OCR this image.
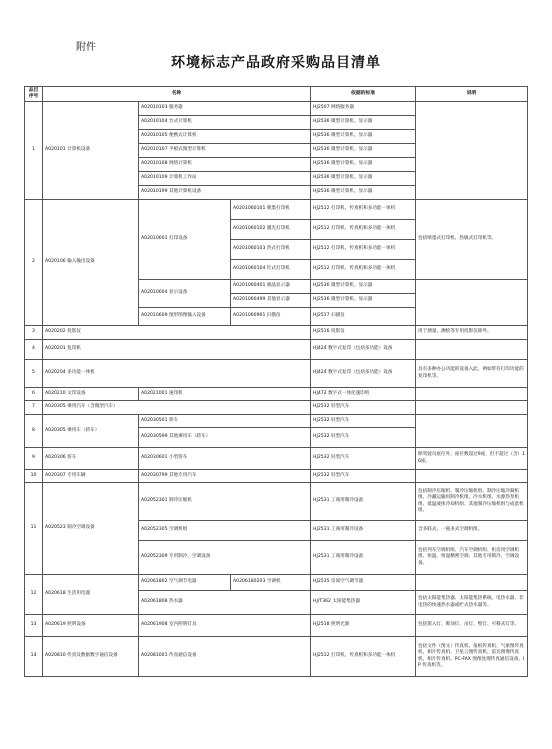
附件
环境标志产品政府采购品目清单
品目序号	名称			依据的标准	说明
1	A020101 计算机设备	A02010103 服务器		HJ2507 网络服务器	
		A02010104 台式计算机		HJ2536 微型计算机、显示器	
		A02010105 便携式计算机		HJ2536 微型计算机、显示器	
		A02010107 平板式微型计算机		HJ2536 微型计算机、显示器	
		A02010108 网络计算机		HJ2536 微型计算机、显示器	
		A02010109 计算机工作站		HJ2536 微型计算机、显示器	
		A02010199 其他计算机设备		HJ2536 微型计算机、显示器	
2	A020106 输入输出设备	A02010601 打印设备	A0201060101 喷墨打印机	HJ2512 打印机、传真机和多功能一体机	包括喷墨式打印机、热敏式打印机等。
			A0201060102 激光打印机	HJ2512 打印机、传真机和多功能一体机	
			A0201060103 热式打印机	HJ2512 打印机、传真机和多功能一体机	
			A0201060104 针式打印机	HJ2512 打印机、传真机和多功能一体机	
		A02010604 显示设备	A0201060401 液晶显示器	HJ2536 微型计算机、显示器	
			A0201060499 其他显示器	HJ2536 微型计算机、显示器	
		A02010609 图形图像输入设备	A0201060901 扫描仪	HJ2517 扫描仪	
3	A020202 投影仪			HJ2516 投影仪	用于测量、测绘等专用投影仪除外。
4	A020201 复印机			HJ424 数字式复印（包括多功能）设备	
5	A020204 多功能一体机			HJ424 数字式复印（包括多功能）设备	具有多种办公功能的设备入此，例如带有打印功能的复印机等。
6	A020210 文印设备	A02021001 速印机		HJ472 数字式一体化速印机	
7	A020305 乘用汽车（含微型汽车）			HJ2532 轻型汽车	
8	A020305 乘用车（轿车）	A02030501 轿车		HJ2532 轻型汽车	
		A02030599 其他乘用车（轿车）		HJ2532 轻型汽车	
9	A020306 客车	A02030601 小型客车		HJ2532 轻型汽车	除驾驶员座位外，座位数超过9座，但不超过（含）16座。
10	A020307 专用车辆	A02030799 其他专用汽车		HJ2532 轻型汽车	
11	A020523 制冷空调设备	A02052301 制冷压缩机		HJ2531 工商用制冷设备	包括制冷压缩机、制冷压缩机组、制冷压缩冷凝机组、冷藏运输用制冷机组、冷水机组、水源热泵机组、低温液体冷却机组、其他制冷压缩机组与成套机组。
		A02052305 空调机组		HJ2531 工商用制冷设备	含多联式、一拖多式空调机组。
		A02052309 专用制冷、空调设备		HJ2531 工商用制冷设备	包括列车空调机组、汽车空调机组、机房用空调机组、恒温、恒湿精密空调、其他专用制冷、空调设备。
12	A020618 生活用电器	A02061802 空气调节电器	A0206180203 空调机	HJ2535 房间空气调节器	
		A02061808 热水器		HJ/T362 太阳能集热器	包括太阳能集热器、太阳能集热系统、电热水器、非电热的快速热水器或贮式热水器等。
13	A020619 照明设备	A02061908 室内照明灯具		HJ2518 照明光源	包括嵌入灯、吸顶灯、吊灯、壁灯、可移式灯等。
14	A020810 传真及数据数字通信设备	A02081001 传真通信设备		HJ2512 打印机、传真机和多功能一体机	包括文件（图文）传真机、报纸传真机、气象图传真机、相片传真机、卫星云图传真机、雷达图像传真机、相片传真机、PC-FAX 图像处理传真通信设备、IP 传真机等。
